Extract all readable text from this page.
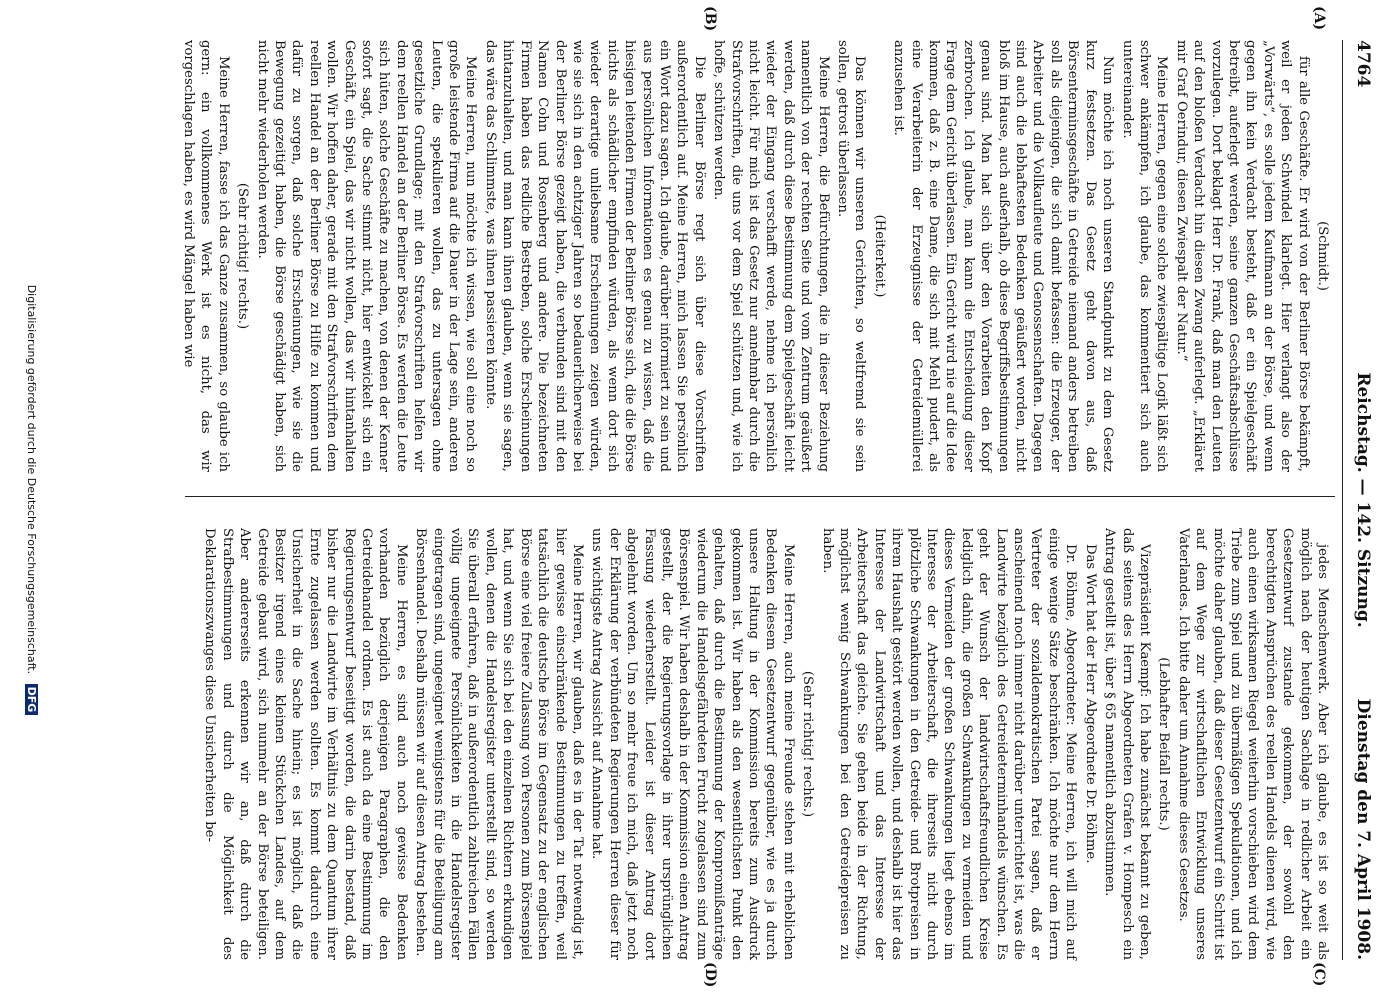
4764
Reichstag. — 142. Sitzung.
Dienstag den 7. April 1908.
(A)
(B)
(C)
(D)

(Schmidt.)

für alle Geschäfte. Er wird von der Berliner Börse bekämpft, weil er jeden Schwindel klarlegt. Hier verlangt also der „Vorwärts“, es solle jedem Kaufmann an der Börse, und wenn gegen ihn kein Verdacht besteht, daß er ein Spielgeschäft betreibt, auferlegt werden, seine ganzen Geschäftsabschlüsse vorzulegen. Dort beklagt Herr Dr. Frank, daß man den Leuten auf den bloßen Verdacht hin diesen Zwang auferlegt. „Erkläret mir Graf Oerindur, diesen Zwiespalt der Natur.“

Meine Herren, gegen eine solche zwiespältige Logik läßt sich schwer ankämpfen, ich glaube, das kommentiert sich auch untereinander.

Nun möchte ich noch unseren Standpunkt zu dem Gesetz kurz festsetzen. Das Gesetz geht davon aus, daß Börsenterminsgeschäfte in Getreide niemand anders betreiben soll als diejenigen, die sich damit befassen: die Erzeuger, der Arbeiter und die Vollkaufleute und Genossenschaften. Dagegen sind auch die lebhaftesten Bedenken geäußert worden, nicht bloß im Hause, auch außerhalb, ob diese Begriffsbestimmungen genau sind. Man hat sich über den Vorarbeiten den Kopf zerbrochen. Ich glaube, man kann die Entscheidung dieser Frage dem Gericht überlassen. Ein Gericht wird nie auf die Idee kommen, daß z. B. eine Dame, die sich mit Mehl pudert, als eine Verarbeiterin der Erzeugnisse der Getreidemüllerei anzusehen ist.

(Heiterkeit.)

Das können wir unseren Gerichten, so weltfremd sie sein sollen, getrost überlassen.

Meine Herren, die Befürchtungen, die in dieser Beziehung namentlich von der rechten Seite und vom Zentrum geäußert werden, daß durch diese Bestimmung dem Spielgeschäft leicht wieder der Eingang verschafft werde, nehme ich persönlich nicht leicht. Für mich ist das Gesetz nur annehmbar durch die Strafvorschriften, die uns vor dem Spiel schützen und, wie ich hoffe, schützen werden.

Die Berliner Börse regt sich über diese Vorschriften außerordentlich auf. Meine Herren, mich lassen Sie persönlich ein Wort dazu sagen. Ich glaube, darüber informiert zu sein und aus persönlichen Informationen es genau zu wissen, daß die hiesigen leitenden Firmen der Berliner Börse sich, die die Börse nichts als schädlicher empfinden würden, als wenn dort sich wieder derartige unliebsame Erscheinungen zeigen würden, wie sie sich in den achtziger Jahren so bedauerlicherweise bei der Berliner Börse gezeigt haben, die verbunden sind mit den Namen Cohn und Rosenberg und andere. Die bezeichneten Firmen haben das redliche Bestreben, solche Erscheinungen hintanzuhalten, und man kann ihnen glauben, wenn sie sagen, das wäre das Schlimmste, was ihnen passieren könnte.

Meine Herren, nun möchte ich wissen, wie soll eine noch so große leistende Firma auf die Dauer in der Lage sein, anderen Leuten, die spekulieren wollen, das zu untersagen ohne gesetzliche Grundlage; mit den Strafvorschriften helfen wir dem reellen Handel an der Berliner Börse. Es werden die Leute sich hüten, solche Geschäfte zu machen, von denen der Kenner sofort sagt, die Sache stimmt nicht, hier entwickelt sich ein Geschäft, ein Spiel, das wir nicht wollen, das wir hintanhalten wollen. Wir hoffen daher, gerade mit den Strafvorschriften dem reellen Handel an der Berliner Börse zu Hilfe zu kommen und dafür zu sorgen, daß solche Erscheinungen, wie sie die Bewegung gezeitigt haben, die Börse geschädigt haben, sich nicht mehr wiederholen werden.

(Sehr richtig! rechts.)

Meine Herren, fasse ich das Ganze zusammen, so glaube ich gern: ein vollkommenes Werk ist es nicht, das wir vorgeschlagen haben, es wird Mängel haben wie

jedes Menschenwerk. Aber ich glaube, es ist so weit als möglich nach der heutigen Sachlage in redlicher Arbeit ein Gesetzentwurf zustande gekommen, der sowohl den berechtigten Ansprüchen des reellen Handels dienen wird, wie auch einen wirksamen Riegel weiterhin vorschieben wird dem Triebe zum Spiel und zu übermäßigen Spekulationen, und ich möchte daher glauben, daß dieser Gesetzentwurf ein Schritt ist auf dem Wege zur wirtschaftlichen Entwicklung unseres Vaterlandes. Ich bitte daher um Annahme dieses Gesetzes.

(Lebhafter Beifall rechts.)

Vizepräsident Kaempf: Ich habe zunächst bekannt zu geben, daß seitens des Herrn Abgeordneten Grafen v. Hompesch ein Antrag gestellt ist, über § 65 namentlich abzustimmen.

Das Wort hat der Herr Abgeordnete Dr. Böhme.

Dr. Böhme, Abgeordneter: Meine Herren, ich will mich auf einige wenige Sätze beschränken. Ich möchte nur dem Herrn Vertreter der sozialdemokratischen Partei sagen, daß er anscheinend noch immer nicht darüber unterrichtet ist, was die Landwirte bezüglich des Getreideterminhandels wünschen. Es geht der Wunsch der landwirtschaftsfreundlichen Kreise lediglich dahin, die großen Schwankungen zu vermeiden und dieses Vermeiden der großen Schwankungen liegt ebenso im Interesse der Arbeiterschaft, die ihrerseits nicht durch plötzliche Schwankungen in den Getreide- und Brotpreisen in ihrem Haushalt gestört werden wollen, und deshalb ist hier das Interesse der Landwirtschaft und das Interesse der Arbeiterschaft das gleiche. Sie gehen beide in der Richtung, möglichst wenig Schwankungen bei den Getreidepreisen zu haben.

(Sehr richtig! rechts.)

Meine Herren, auch meine Freunde stehen mit erheblichen Bedenken diesem Gesetzentwurf gegenüber, wie es ja durch unsere Haltung in der Kommission bereits zum Ausdruck gekommen ist. Wir haben als den wesentlichsten Punkt den gehalten, daß durch die Bestimmung der Kompromißanträge wiederum die Handelsgefährdeten Frucht zugelassen sind zum Börsenspiel. Wir haben deshalb in der Kommission einen Antrag gestellt, der die Regierungsvorlage in ihrer ursprünglichen Fassung wiederherstellt. Leider ist dieser Antrag dort abgelehnt worden. Um so mehr freue ich mich, daß jetzt noch der Erklärung der verbündeten Regierungen Herren dieser für uns wichtigste Antrag Aussicht auf Annahme hat.

Meine Herren, wir glauben, daß es in der Tat notwendig ist, hier gewisse einschränkende Bestimmungen zu treffen, weil tatsächlich die deutsche Börse im Gegensatz zu der englischen Börse eine viel freiere Zulassung von Personen zum Börsenspiel hat, und wenn Sie sich bei den einzelnen Richtern erkundigen wollen, denen die Handelsregister unterstellt sind, so werden Sie überall erfahren, daß in außerordentlich zahlreichen Fällen völlig ungeeignete Persönlichkeiten in die Handelsregister eingetragen sind, ungeeignet wenigstens für die Beteiligung am Börsenhandel. Deshalb müssen wir auf diesen Antrag bestehen.

Meine Herren, es sind auch noch gewisse Bedenken vorhanden bezüglich derjenigen Paragraphen, die den Getreidehandel ordnen. Es ist auch da eine Bestimmung im Regierungsentwurf beseitigt worden, die darin bestand, daß bisher nur die Landwirte im Verhältnis zu dem Quantum ihrer Ernte zugelassen werden sollten. Es kommt dadurch eine Unsicherheit in die Sache hinein; es ist möglich, daß die Besitzer irgend eines kleinen Stückchen Landes, auf dem Getreide gebaut wird, sich nunmehr an der Börse beteiligen. Aber andererseits erkennen wir an, daß durch die Strafbestimmungen und durch die Möglichkeit des Deklarationszwanges diese Unsicherheiten be-

Digitalisierung gefördert durch die Deutsche Forschungsgemeinschaft. DFG
